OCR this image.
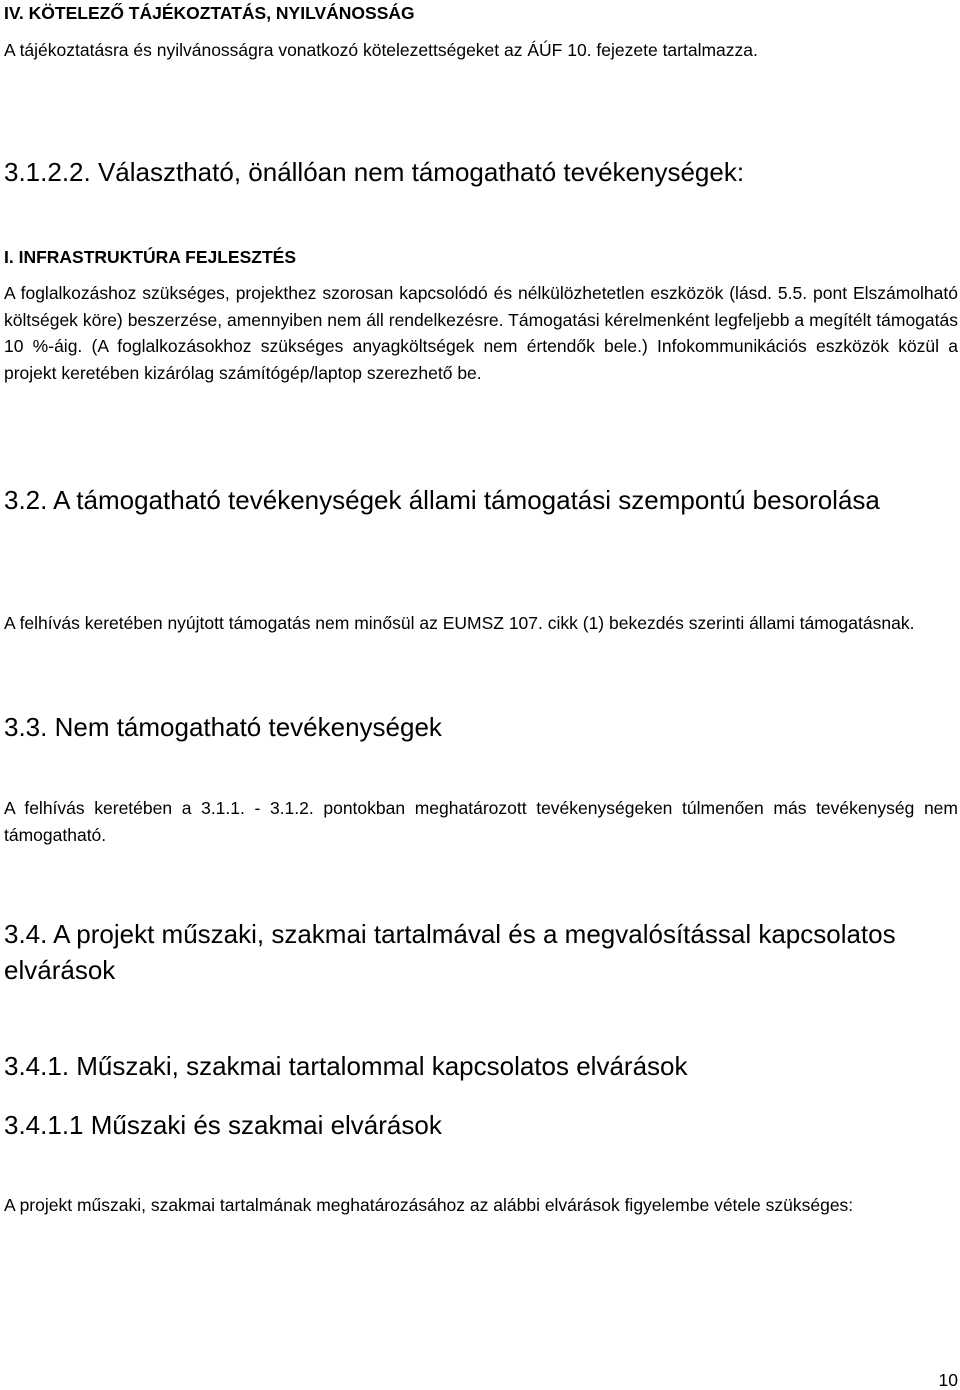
IV. KÖTELEZŐ TÁJÉKOZTATÁS, NYILVÁNOSSÁG
A tájékoztatásra és nyilvánosságra vonatkozó kötelezettségeket az ÁÚF 10. fejezete tartalmazza.
3.1.2.2. Választható, önállóan nem támogatható tevékenységek:
I. INFRASTRUKTÚRA FEJLESZTÉS
A foglalkozáshoz szükséges, projekthez szorosan kapcsolódó és nélkülözhetetlen eszközök (lásd. 5.5. pont Elszámolható költségek köre) beszerzése, amennyiben nem áll rendelkezésre. Támogatási kérelmenként legfeljebb a megítélt támogatás 10 %-áig. (A foglalkozásokhoz szükséges anyagköltségek nem értendők bele.) Infokommunikációs eszközök közül a projekt keretében kizárólag számítógép/laptop szerezhető be.
3.2. A támogatható tevékenységek állami támogatási szempontú besorolása
A felhívás keretében nyújtott támogatás nem minősül az EUMSZ 107. cikk (1) bekezdés szerinti állami támogatásnak.
3.3. Nem támogatható tevékenységek
A felhívás keretében a 3.1.1. - 3.1.2. pontokban meghatározott tevékenységeken túlmenően más tevékenység nem támogatható.
3.4. A projekt műszaki, szakmai tartalmával és a megvalósítással kapcsolatos elvárások
3.4.1. Műszaki, szakmai tartalommal kapcsolatos elvárások
3.4.1.1 Műszaki és szakmai elvárások
A projekt műszaki, szakmai tartalmának meghatározásához az alábbi elvárások figyelembe vétele szükséges:
10
